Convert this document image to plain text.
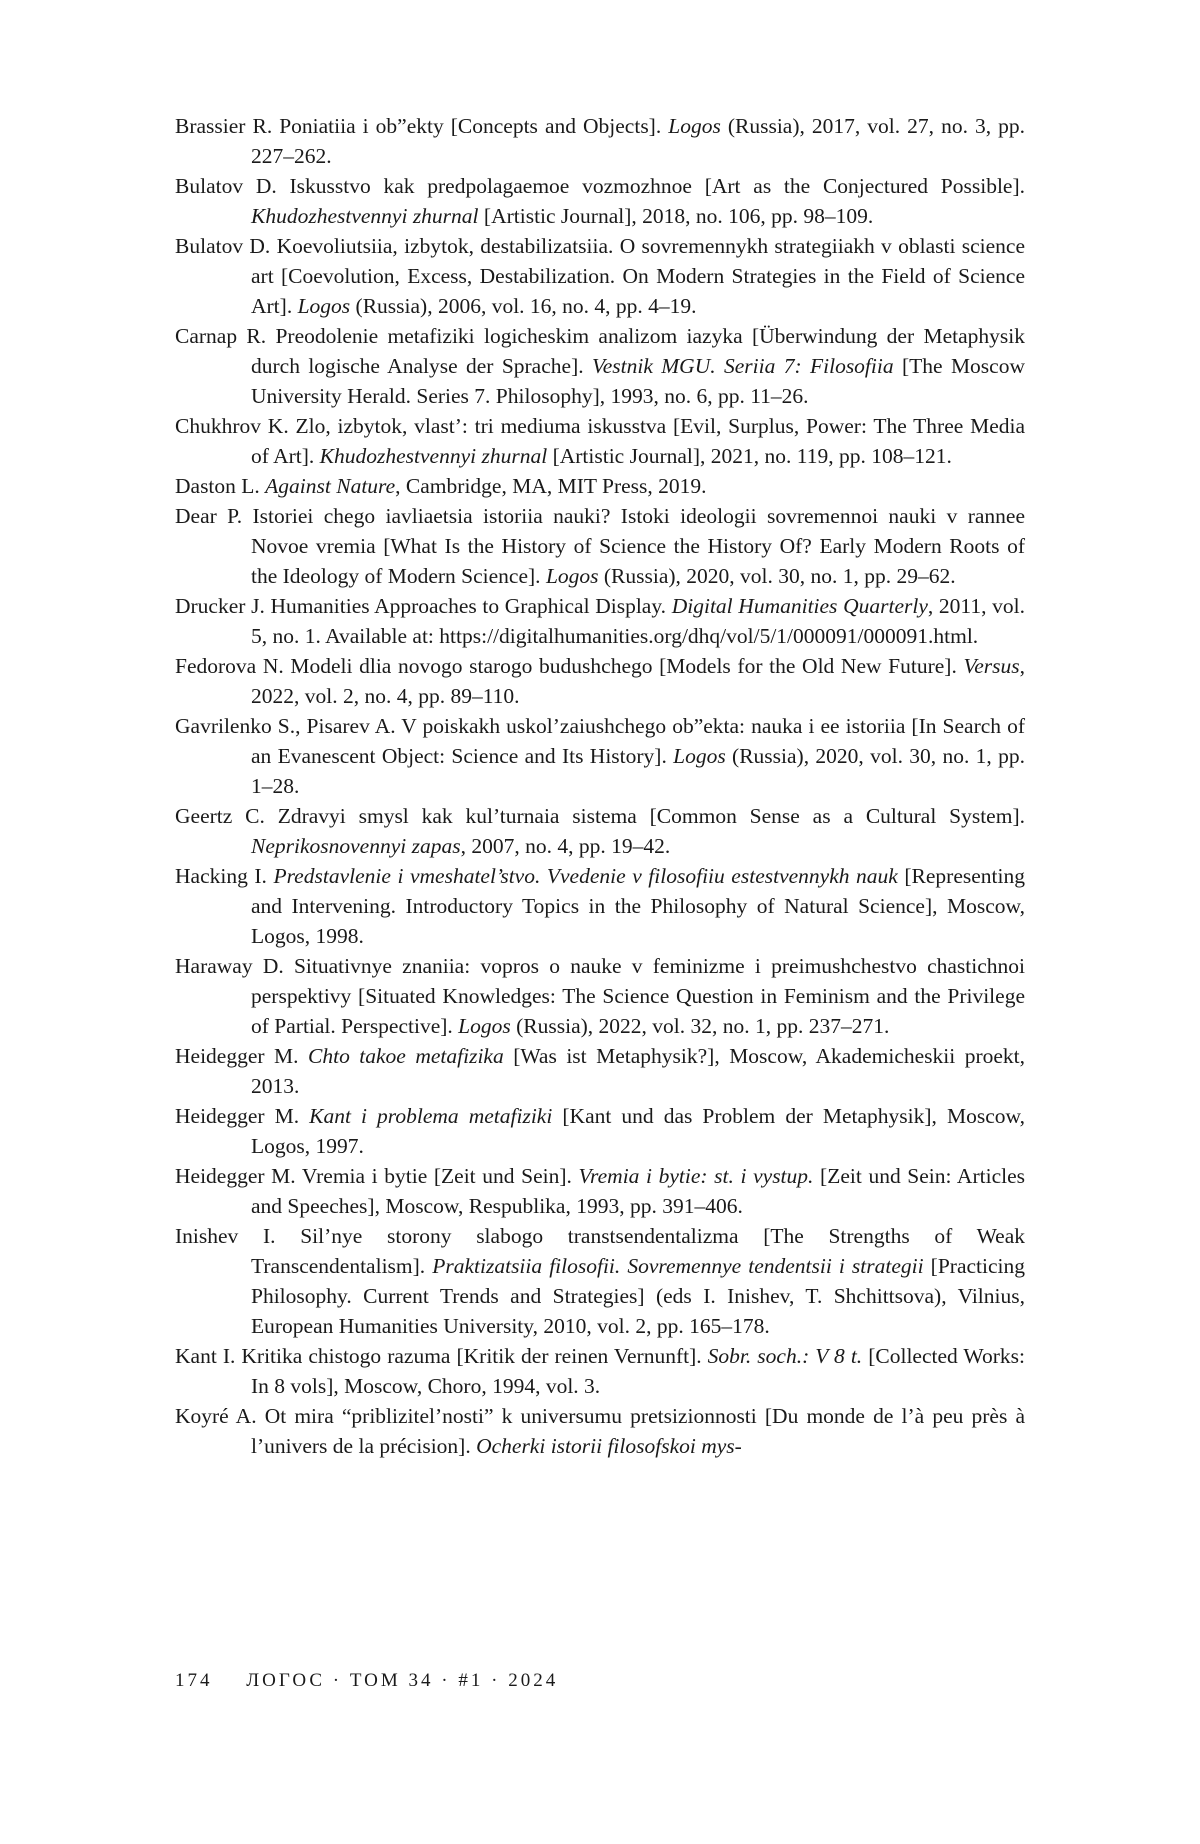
Brassier R. Poniatiia i ob”ekty [Concepts and Objects]. Logos (Russia), 2017, vol. 27, no. 3, pp. 227–262.

Bulatov D. Iskusstvo kak predpolagaemoe vozmozhnoe [Art as the Conjectured Possible]. Khudozhestvennyi zhurnal [Artistic Journal], 2018, no. 106, pp. 98–109.

Bulatov D. Koevoliutsiia, izbytok, destabilizatsiia. O sovremennykh strategiiakh v oblasti science art [Coevolution, Excess, Destabilization. On Modern Strategies in the Field of Science Art]. Logos (Russia), 2006, vol. 16, no. 4, pp. 4–19.

Carnap R. Preodolenie metafiziki logicheskim analizom iazyka [Überwindung der Metaphysik durch logische Analyse der Sprache]. Vestnik MGU. Seriia 7: Filosofiia [The Moscow University Herald. Series 7. Philosophy], 1993, no. 6, pp. 11–26.

Chukhrov K. Zlo, izbytok, vlast’: tri mediuma iskusstva [Evil, Surplus, Power: The Three Media of Art]. Khudozhestvennyi zhurnal [Artistic Journal], 2021, no. 119, pp. 108–121.

Daston L. Against Nature, Cambridge, MA, MIT Press, 2019.

Dear P. Istoriei chego iavliaetsia istoriia nauki? Istoki ideologii sovremennoi nauki v rannee Novoe vremia [What Is the History of Science the History Of? Early Modern Roots of the Ideology of Modern Science]. Logos (Russia), 2020, vol. 30, no. 1, pp. 29–62.

Drucker J. Humanities Approaches to Graphical Display. Digital Humanities Quarterly, 2011, vol. 5, no. 1. Available at: https://digitalhumanities.org/dhq/vol/5/1/000091/000091.html.

Fedorova N. Modeli dlia novogo starogo budushchego [Models for the Old New Future]. Versus, 2022, vol. 2, no. 4, pp. 89–110.

Gavrilenko S., Pisarev A. V poiskakh uskol’zaiushchego ob”ekta: nauka i ee istoriia [In Search of an Evanescent Object: Science and Its History]. Logos (Russia), 2020, vol. 30, no. 1, pp. 1–28.

Geertz C. Zdravyi smysl kak kul’turnaia sistema [Common Sense as a Cultural System]. Neprikosnovennyi zapas, 2007, no. 4, pp. 19–42.

Hacking I. Predstavlenie i vmeshatel’stvo. Vvedenie v filosofiiu estestvennykh nauk [Representing and Intervening. Introductory Topics in the Philosophy of Natural Science], Moscow, Logos, 1998.

Haraway D. Situativnye znaniia: vopros o nauke v feminizme i preimushchestvo chastichnoi perspektivy [Situated Knowledges: The Science Question in Feminism and the Privilege of Partial. Perspective]. Logos (Russia), 2022, vol. 32, no. 1, pp. 237–271.

Heidegger M. Chto takoe metafizika [Was ist Metaphysik?], Moscow, Akademicheskii proekt, 2013.

Heidegger M. Kant i problema metafiziki [Kant und das Problem der Metaphysik], Moscow, Logos, 1997.

Heidegger M. Vremia i bytie [Zeit und Sein]. Vremia i bytie: st. i vystup. [Zeit und Sein: Articles and Speeches], Moscow, Respublika, 1993, pp. 391–406.

Inishev I. Sil’nye storony slabogo transtsendentalizma [The Strengths of Weak Transcendentalism]. Praktizatsiia filosofii. Sovremennye tendentsii i strategii [Practicing Philosophy. Current Trends and Strategies] (eds I. Inishev, T. Shchittsova), Vilnius, European Humanities University, 2010, vol. 2, pp. 165–178.

Kant I. Kritika chistogo razuma [Kritik der reinen Vernunft]. Sobr. soch.: V 8 t. [Collected Works: In 8 vols], Moscow, Choro, 1994, vol. 3.

Koyré A. Ot mira “priblizitel’nosti” k universumu pretsizionnosti [Du monde de l’à peu près à l’univers de la précision]. Ocherki istorii filosofskoi mys-

174 ЛОГОС · ТОМ 34 · #1 · 2024
